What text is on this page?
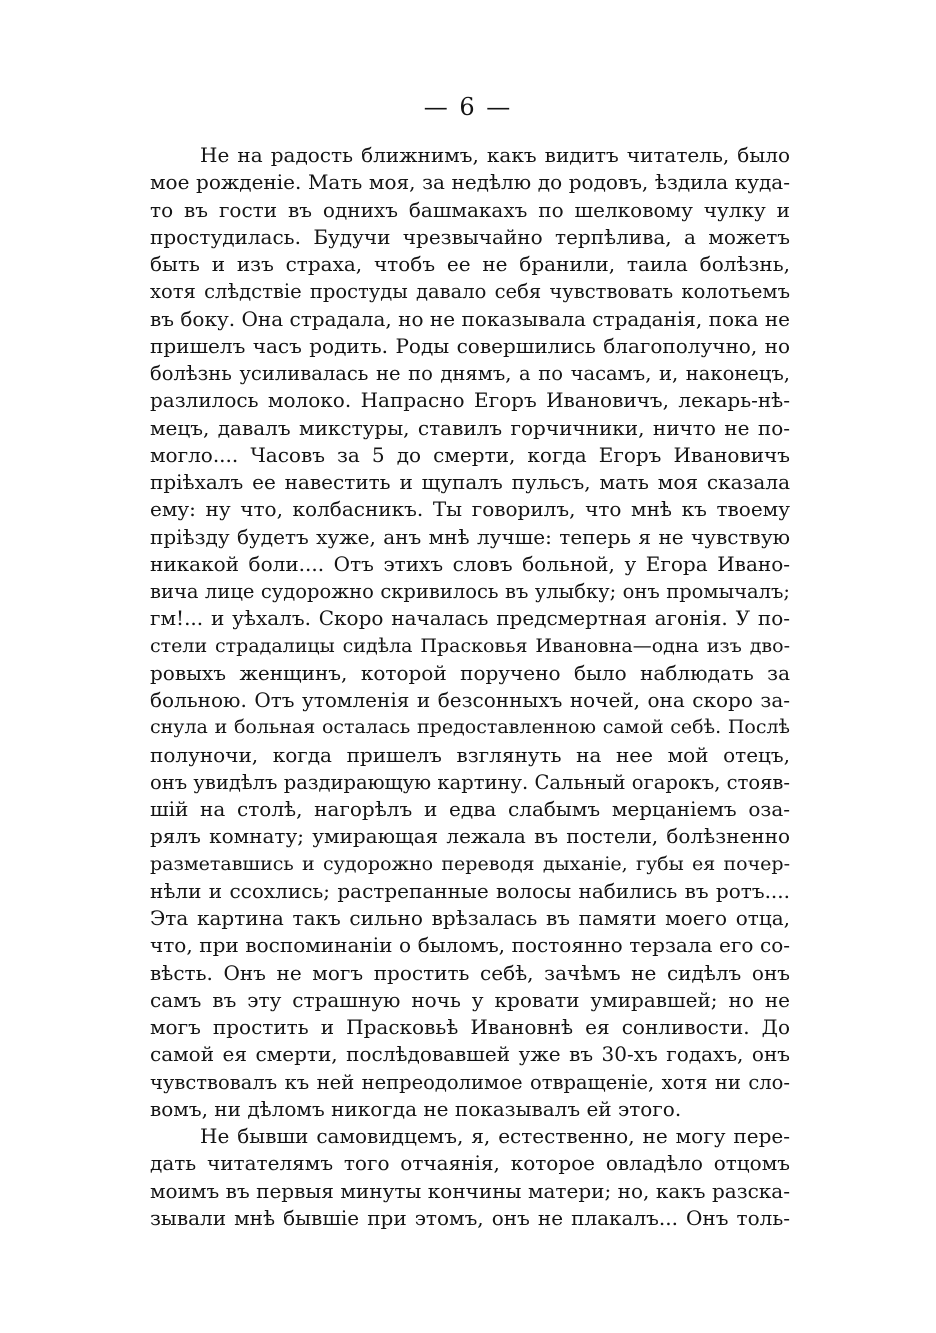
— 6 —
Не на радость ближнимъ, какъ видитъ читатель, было
мое рожденіе. Мать моя, за недѣлю до родовъ, ѣздила куда-
то въ гости въ однихъ башмакахъ по шелковому чулку и
простудилась. Будучи чрезвычайно терпѣлива, а можетъ
быть и изъ страха, чтобъ ее не бранили, таила болѣзнь,
хотя слѣдствіе простуды давало себя чувствовать колотьемъ
въ боку. Она страдала, но не показывала страданія, пока не
пришелъ часъ родить. Роды совершились благополучно, но
болѣзнь усиливалась не по днямъ, а по часамъ, и, наконецъ,
разлилось молоко. Напрасно Егоръ Ивановичъ, лекарь-нѣ-
мецъ, давалъ микстуры, ставилъ горчичники, ничто не по-
могло.... Часовъ за 5 до смерти, когда Егоръ Ивановичъ
пріѣхалъ ее навестить и щупалъ пульсъ, мать моя сказала
ему: ну что, колбасникъ. Ты говорилъ, что мнѣ къ твоему
пріѣзду будетъ хуже, анъ мнѣ лучше: теперь я не чувствую
никакой боли.... Отъ этихъ словъ больной, у Егора Ивано-
вича лице судорожно скривилось въ улыбку; онъ промычалъ;
гм!... и уѣхалъ. Скоро началась предсмертная агонія. У по-
стели страдалицы сидѣла Прасковья Ивановна—одна изъ дво-
ровыхъ женщинъ, которой поручено было наблюдать за
больною. Отъ утомленія и безсонныхъ ночей, она скоро за-
снула и больная осталась предоставленною самой себѣ. Послѣ
полуночи, когда пришелъ взглянуть на нее мой отецъ,
онъ увидѣлъ раздирающую картину. Сальный огарокъ, стояв-
шій на столѣ, нагорѣлъ и едва слабымъ мерцаніемъ оза-
рялъ комнату; умирающая лежала въ постели, болѣзненно
разметавшись и судорожно переводя дыханіе, губы ея почер-
нѣли и ссохлись; растрепанные волосы набились въ ротъ....
Эта картина такъ сильно врѣзалась въ памяти моего отца,
что, при воспоминаніи о быломъ, постоянно терзала его со-
вѣсть. Онъ не могъ простить себѣ, зачѣмъ не сидѣлъ онъ
самъ въ эту страшную ночь у кровати умиравшей; но не
могъ простить и Прасковьѣ Ивановнѣ ея сонливости. До
самой ея смерти, послѣдовавшей уже въ 30-хъ годахъ, онъ
чувствовалъ къ ней непреодолимое отвращеніе, хотя ни сло-
вомъ, ни дѣломъ никогда не показывалъ ей этого.
Не бывши самовидцемъ, я, естественно, не могу пере-
дать читателямъ того отчаянія, которое овладѣло отцомъ
моимъ въ первыя минуты кончины матери; но, какъ разска-
зывали мнѣ бывшіе при этомъ, онъ не плакалъ... Онъ толь-
